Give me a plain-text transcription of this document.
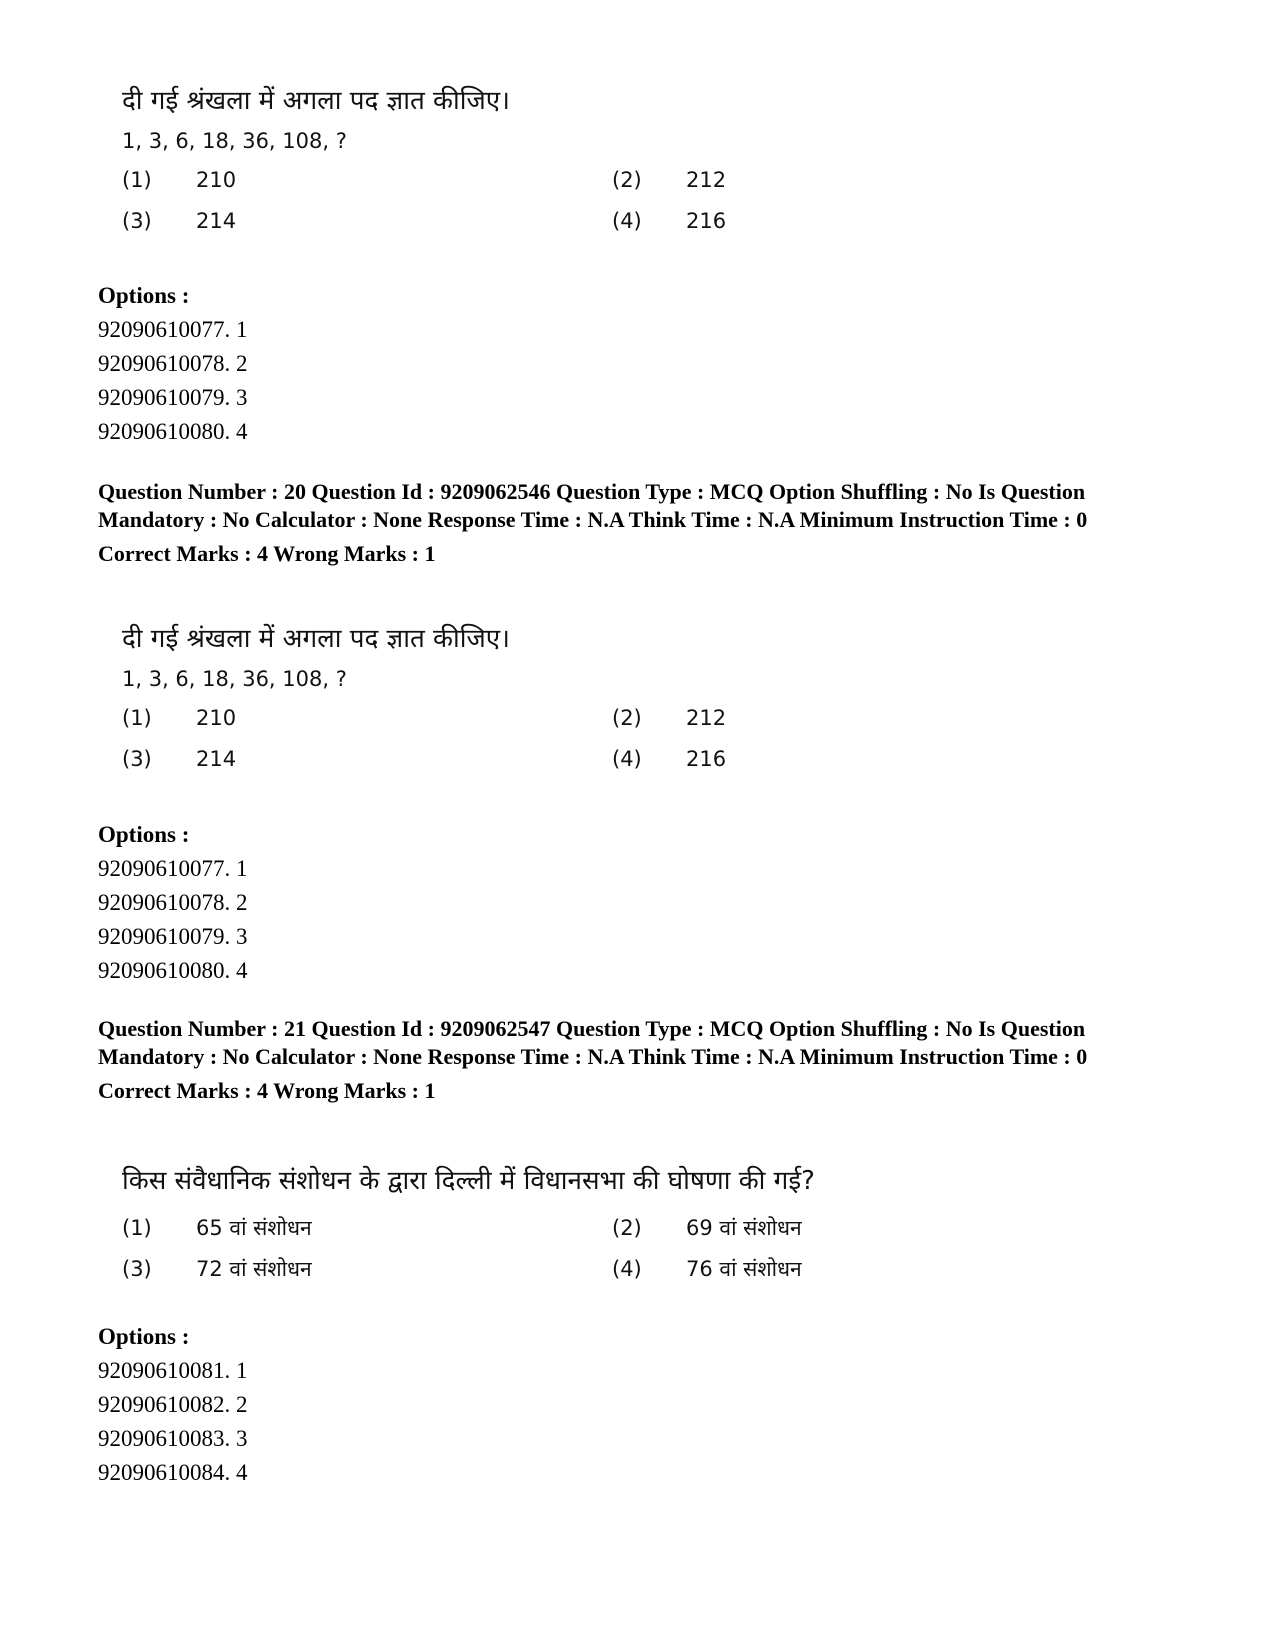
दी गई श्रंखला में अगला पद ज्ञात कीजिए।
1, 3, 6, 18, 36, 108, ?
(1) 210	(2) 212
(3) 214	(4) 216
Options :
92090610077. 1
92090610078. 2
92090610079. 3
92090610080. 4
Question Number : 20 Question Id : 9209062546 Question Type : MCQ Option Shuffling : No Is Question Mandatory : No Calculator : None Response Time : N.A Think Time : N.A Minimum Instruction Time : 0
Correct Marks : 4 Wrong Marks : 1
दी गई श्रंखला में अगला पद ज्ञात कीजिए।
1, 3, 6, 18, 36, 108, ?
(1) 210	(2) 212
(3) 214	(4) 216
Options :
92090610077. 1
92090610078. 2
92090610079. 3
92090610080. 4
Question Number : 21 Question Id : 9209062547 Question Type : MCQ Option Shuffling : No Is Question Mandatory : No Calculator : None Response Time : N.A Think Time : N.A Minimum Instruction Time : 0
Correct Marks : 4 Wrong Marks : 1
किस संवैधानिक संशोधन के द्वारा दिल्ली में विधानसभा की घोषणा की गई?
(1) 65 वां संशोधन	(2) 69 वां संशोधन
(3) 72 वां संशोधन	(4) 76 वां संशोधन
Options :
92090610081. 1
92090610082. 2
92090610083. 3
92090610084. 4
